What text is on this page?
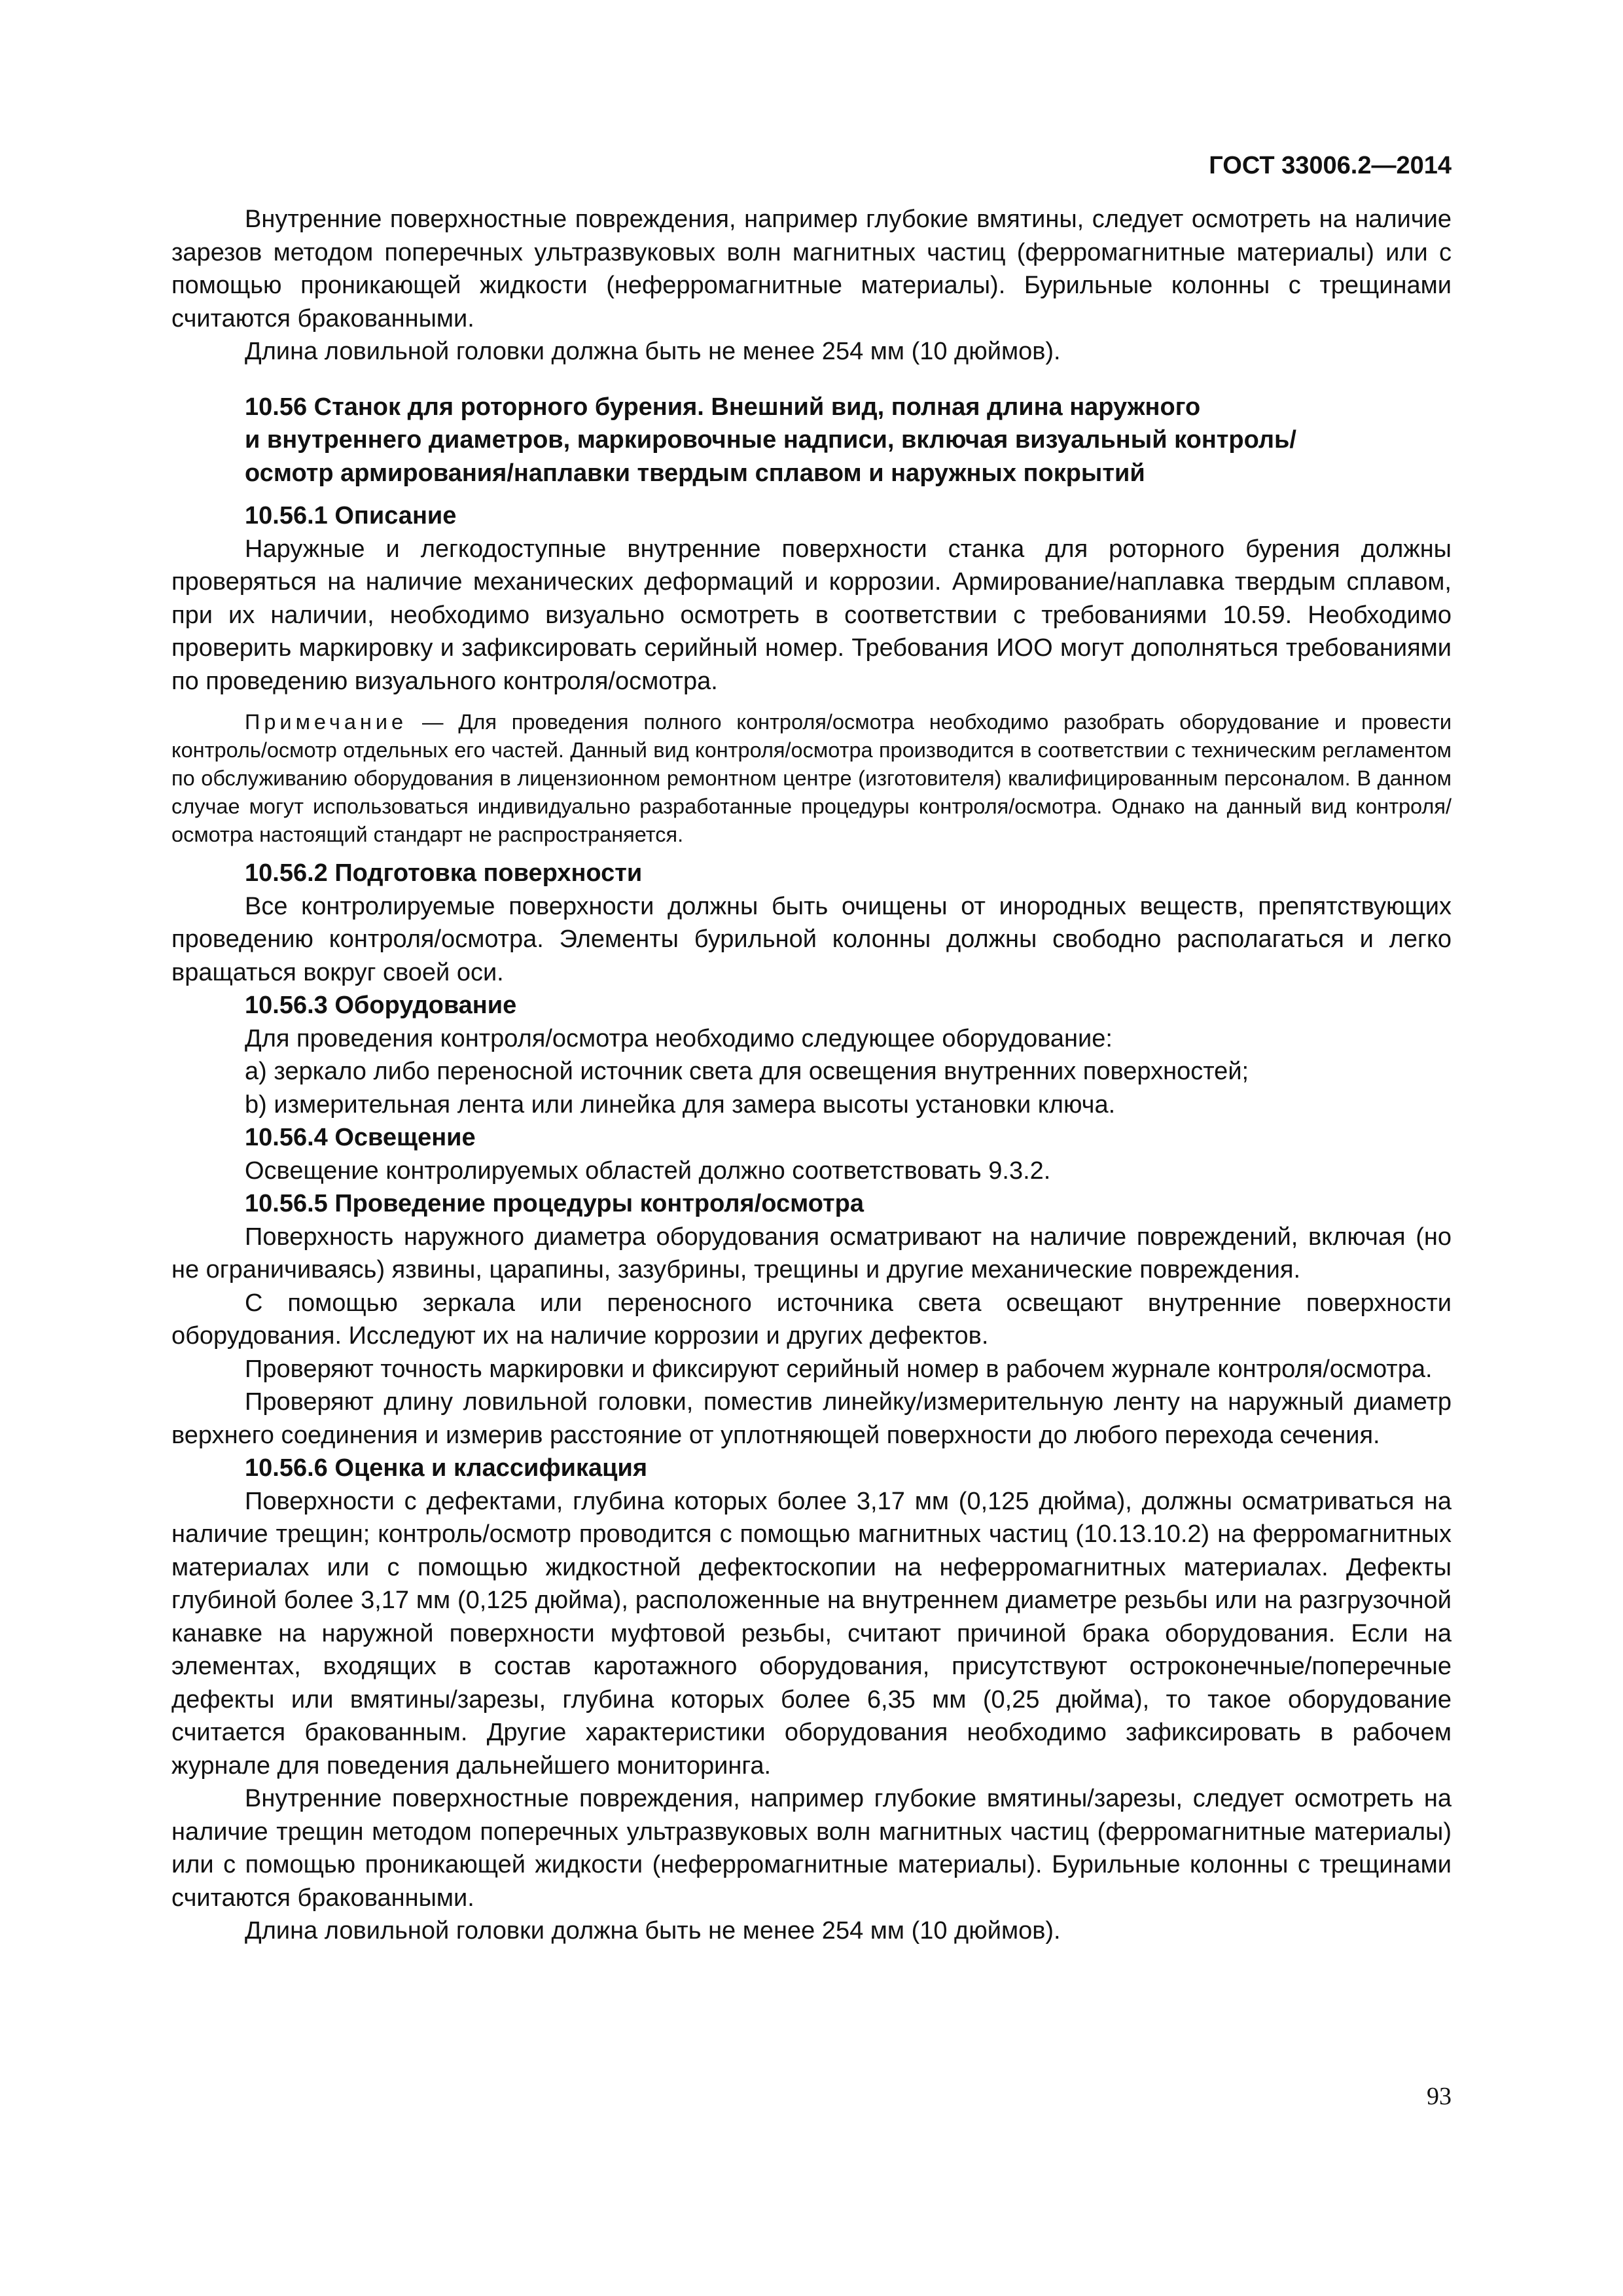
ГОСТ 33006.2—2014

Внутренние поверхностные повреждения, например глубокие вмятины, следует осмотреть на наличие зарезов методом поперечных ультразвуковых волн магнитных частиц (ферромагнитные материалы) или с помощью проникающей жидкости (неферромагнитные материалы). Бурильные колонны с трещинами считаются бракованными.

Длина ловильной головки должна быть не менее 254 мм (10 дюймов).

10.56 Станок для роторного бурения. Внешний вид, полная длина наружного
и внутреннего диаметров, маркировочные надписи, включая визуальный контроль/
осмотр армирования/наплавки твердым сплавом и наружных покрытий
10.56.1 Описание

Наружные и легкодоступные внутренние поверхности станка для роторного бурения должны проверяться на наличие механических деформаций и коррозии. Армирование/наплавка твердым сплавом, при их наличии, необходимо визуально осмотреть в соответствии с требованиями 10.59. Необходимо проверить маркировку и зафиксировать серийный номер. Требования ИОО могут дополняться требованиями по проведению визуального контроля/осмотра.

Примечание — Для проведения полного контроля/осмотра необходимо разобрать оборудование и провести контроль/осмотр отдельных его частей. Данный вид контроля/осмотра производится в соответствии с техническим регламентом по обслуживанию оборудования в лицензионном ремонтном центре (изготовителя) квалифицированным персоналом. В данном случае могут использоваться индивидуально разработанные процедуры контроля/осмотра. Однако на данный вид контроля/осмотра настоящий стандарт не распространяется.
10.56.2 Подготовка поверхности

Все контролируемые поверхности должны быть очищены от инородных веществ, препятствующих проведению контроля/осмотра. Элементы бурильной колонны должны свободно располагаться и легко вращаться вокруг своей оси.

10.56.3 Оборудование

Для проведения контроля/осмотра необходимо следующее оборудование:

a) зеркало либо переносной источник света для освещения внутренних поверхностей;

b) измерительная лента или линейка для замера высоты установки ключа.

10.56.4 Освещение

Освещение контролируемых областей должно соответствовать 9.3.2.

10.56.5 Проведение процедуры контроля/осмотра

Поверхность наружного диаметра оборудования осматривают на наличие повреждений, включая (но не ограничиваясь) язвины, царапины, зазубрины, трещины и другие механические повреждения.

С помощью зеркала или переносного источника света освещают внутренние поверхности оборудования. Исследуют их на наличие коррозии и других дефектов.

Проверяют точность маркировки и фиксируют серийный номер в рабочем журнале контроля/осмотра.

Проверяют длину ловильной головки, поместив линейку/измерительную ленту на наружный диаметр верхнего соединения и измерив расстояние от уплотняющей поверхности до любого перехода сечения.

10.56.6 Оценка и классификация

Поверхности с дефектами, глубина которых более 3,17 мм (0,125 дюйма), должны осматриваться на наличие трещин; контроль/осмотр проводится с помощью магнитных частиц (10.13.10.2) на ферромагнитных материалах или с помощью жидкостной дефектоскопии на неферромагнитных материалах. Дефекты глубиной более 3,17 мм (0,125 дюйма), расположенные на внутреннем диаметре резьбы или на разгрузочной канавке на наружной поверхности муфтовой резьбы, считают причиной брака оборудования. Если на элементах, входящих в состав каротажного оборудования, присутствуют остроконечные/поперечные дефекты или вмятины/зарезы, глубина которых более 6,35 мм (0,25 дюйма), то такое оборудование считается бракованным. Другие характеристики оборудования необходимо зафиксировать в рабочем журнале для поведения дальнейшего мониторинга.

Внутренние поверхностные повреждения, например глубокие вмятины/зарезы, следует осмотреть на наличие трещин методом поперечных ультразвуковых волн магнитных частиц (ферромагнитные материалы) или с помощью проникающей жидкости (неферромагнитные материалы). Бурильные колонны с трещинами считаются бракованными.

Длина ловильной головки должна быть не менее 254 мм (10 дюймов).

93
